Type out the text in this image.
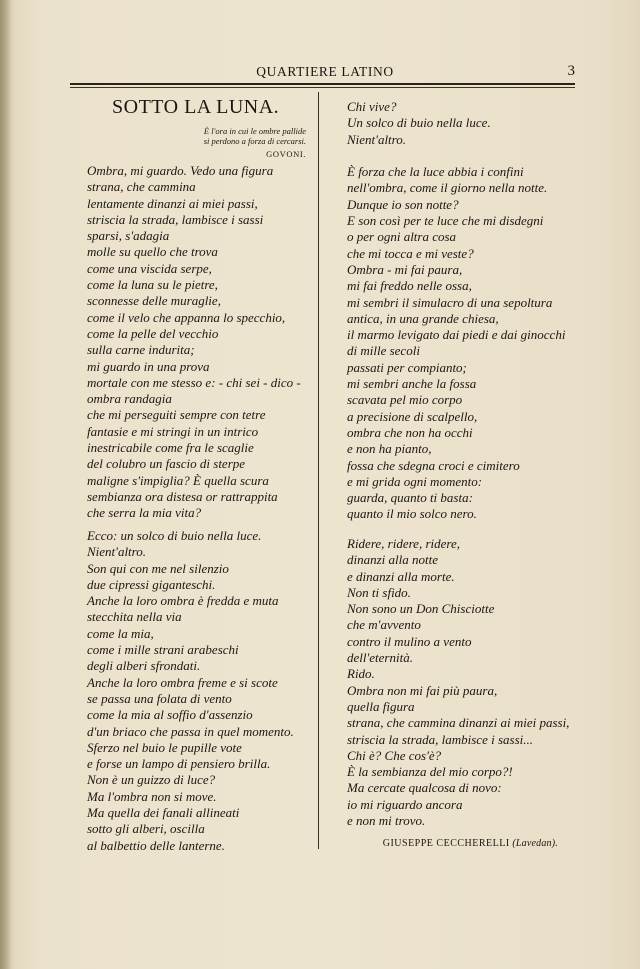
QUARTIERE LATINO	3
SOTTO LA LUNA.
È l'ora in cui le ombre pallide
si perdono a forza di cercarsi.
GOVONI.
Ombra, mi guardo. Vedo una figura
strana, che cammina
lentamente dinanzi ai miei passi,
striscia la strada, lambisce i sassi
sparsi, s'adagia
molle su quello che trova
come una viscida serpe,
come la luna su le pietre,
sconnesse delle muraglie,
come il velo che appanna lo specchio,
come la pelle del vecchio
sulla carne indurita;
mi guardo in una prova
mortale con me stesso e: - chi sei - dico -
ombra randagia
che mi perseguiti sempre con tetre
fantasie e mi stringi in un intrico
inestricabile come fra le scaglie
del colubro un fascio di sterpe
maligne s'impiglia? È quella scura
sembianza ora distesa or rattrappita
che serra la mia vita?
Ecco: un solco di buio nella luce.
Nient'altro.
Son qui con me nel silenzio
due cipressi giganteschi.
Anche la loro ombra è fredda e muta
stecchita nella via
come la mia,
come i mille strani arabeschi
degli alberi sfrondati.
Anche la loro ombra freme e si scote
se passa una folata di vento
come la mia al soffio d'assenzio
d'un briaco che passa in quel momento.
Sferzo nel buio le pupille vote
e forse un lampo di pensiero brilla.
Non è un guizzo di luce?
Ma l'ombra non si move.
Ma quella dei fanali allineati
sotto gli alberi, oscilla
al balbettio delle lanterne.
Chi vive?
Un solco di buio nella luce.
Nient'altro.
È forza che la luce abbia i confini
nell'ombra, come il giorno nella notte.
Dunque io son notte?
E son così per te luce che mi disdegni
o per ogni altra cosa
che mi tocca e mi veste?
Ombra - mi fai paura,
mi fai freddo nelle ossa,
mi sembri il simulacro di una sepoltura
antica, in una grande chiesa,
il marmo levigato dai piedi e dai ginocchi
di mille secoli
passati per compianto;
mi sembri anche la fossa
scavata pel mio corpo
a precisione di scalpello,
ombra che non ha occhi
e non ha pianto,
fossa che sdegna croci e cimitero
e mi grida ogni momento:
guarda, quanto ti basta:
quanto il mio solco nero.
Ridere, ridere, ridere,
dinanzi alla notte
e dinanzi alla morte.
Non ti sfido.
Non sono un Don Chisciotte
che m'avvento
contro il mulino a vento
dell'eternità.
Rido.
Ombra non mi fai più paura,
quella figura
strana, che cammina dinanzi ai miei passi,
striscia la strada, lambisce i sassi...
Chi è? Che cos'è?
È la sembianza del mio corpo?!
Ma cercate qualcosa di novo:
io mi riguardo ancora
e non mi trovo.
GIUSEPPE CECCHERELLI (Lavedan).
